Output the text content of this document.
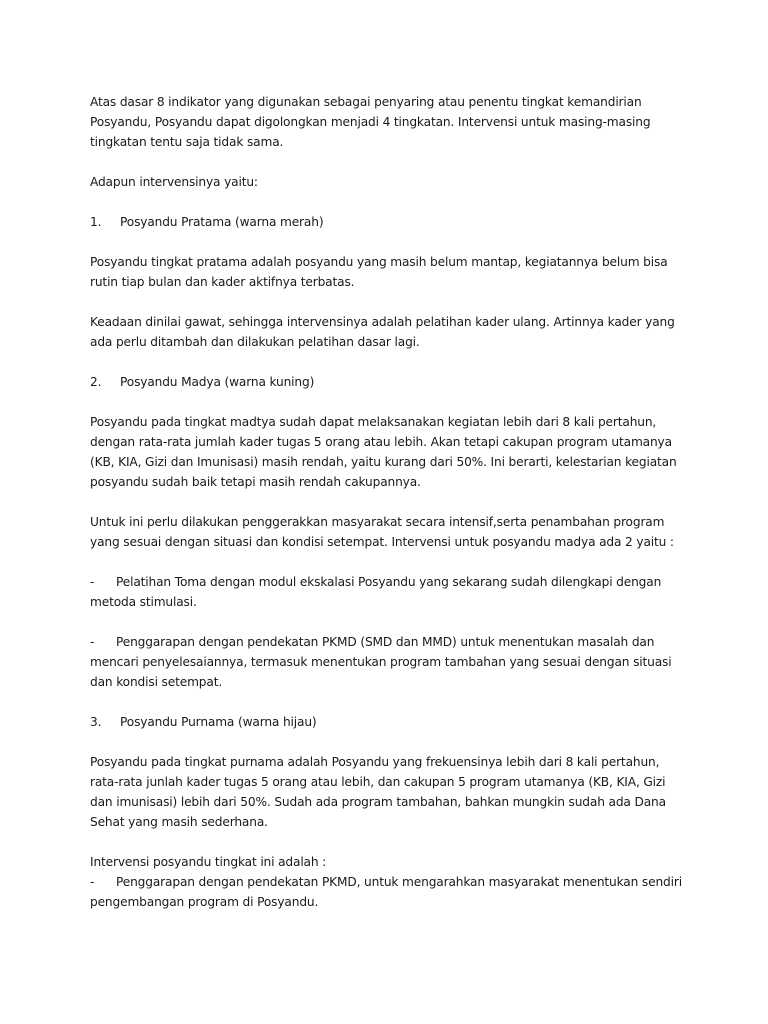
Atas dasar 8 indikator yang digunakan sebagai penyaring atau penentu tingkat kemandirian Posyandu, Posyandu dapat digolongkan menjadi 4 tingkatan. Intervensi untuk masing-masing tingkatan tentu saja tidak sama.

Adapun intervensinya yaitu:

1.	Posyandu Pratama (warna merah)

Posyandu tingkat pratama adalah posyandu yang masih belum mantap, kegiatannya belum bisa rutin tiap bulan dan kader aktifnya terbatas.

Keadaan dinilai gawat, sehingga intervensinya adalah pelatihan kader ulang. Artinnya kader yang ada perlu ditambah dan dilakukan pelatihan dasar lagi.

2.	Posyandu Madya (warna kuning)

Posyandu pada tingkat madtya sudah dapat melaksanakan kegiatan lebih dari 8 kali pertahun, dengan rata-rata jumlah kader tugas 5 orang atau lebih. Akan tetapi cakupan program utamanya (KB, KIA, Gizi dan Imunisasi) masih rendah, yaitu kurang dari 50%. Ini berarti, kelestarian kegiatan posyandu sudah baik tetapi masih rendah cakupannya.

Untuk ini perlu dilakukan penggerakkan masyarakat secara intensif,serta penambahan program yang sesuai dengan situasi dan kondisi setempat. Intervensi untuk posyandu madya ada 2 yaitu :

-	Pelatihan Toma dengan modul ekskalasi Posyandu yang sekarang sudah dilengkapi dengan metoda stimulasi.
-	Penggarapan dengan pendekatan PKMD (SMD dan MMD) untuk menentukan masalah dan mencari penyelesaiannya, termasuk menentukan program tambahan yang sesuai dengan situasi dan kondisi setempat.
3.	Posyandu Purnama (warna hijau)

Posyandu pada tingkat purnama adalah Posyandu yang frekuensinya lebih dari 8 kali pertahun, rata-rata junlah kader tugas 5 orang atau lebih, dan cakupan 5 program utamanya (KB, KIA, Gizi dan imunisasi) lebih dari 50%. Sudah ada program tambahan, bahkan mungkin sudah ada Dana Sehat yang masih sederhana.

Intervensi posyandu tingkat ini adalah :

-	Penggarapan dengan pendekatan PKMD, untuk mengarahkan masyarakat menentukan sendiri pengembangan program di Posyandu.
